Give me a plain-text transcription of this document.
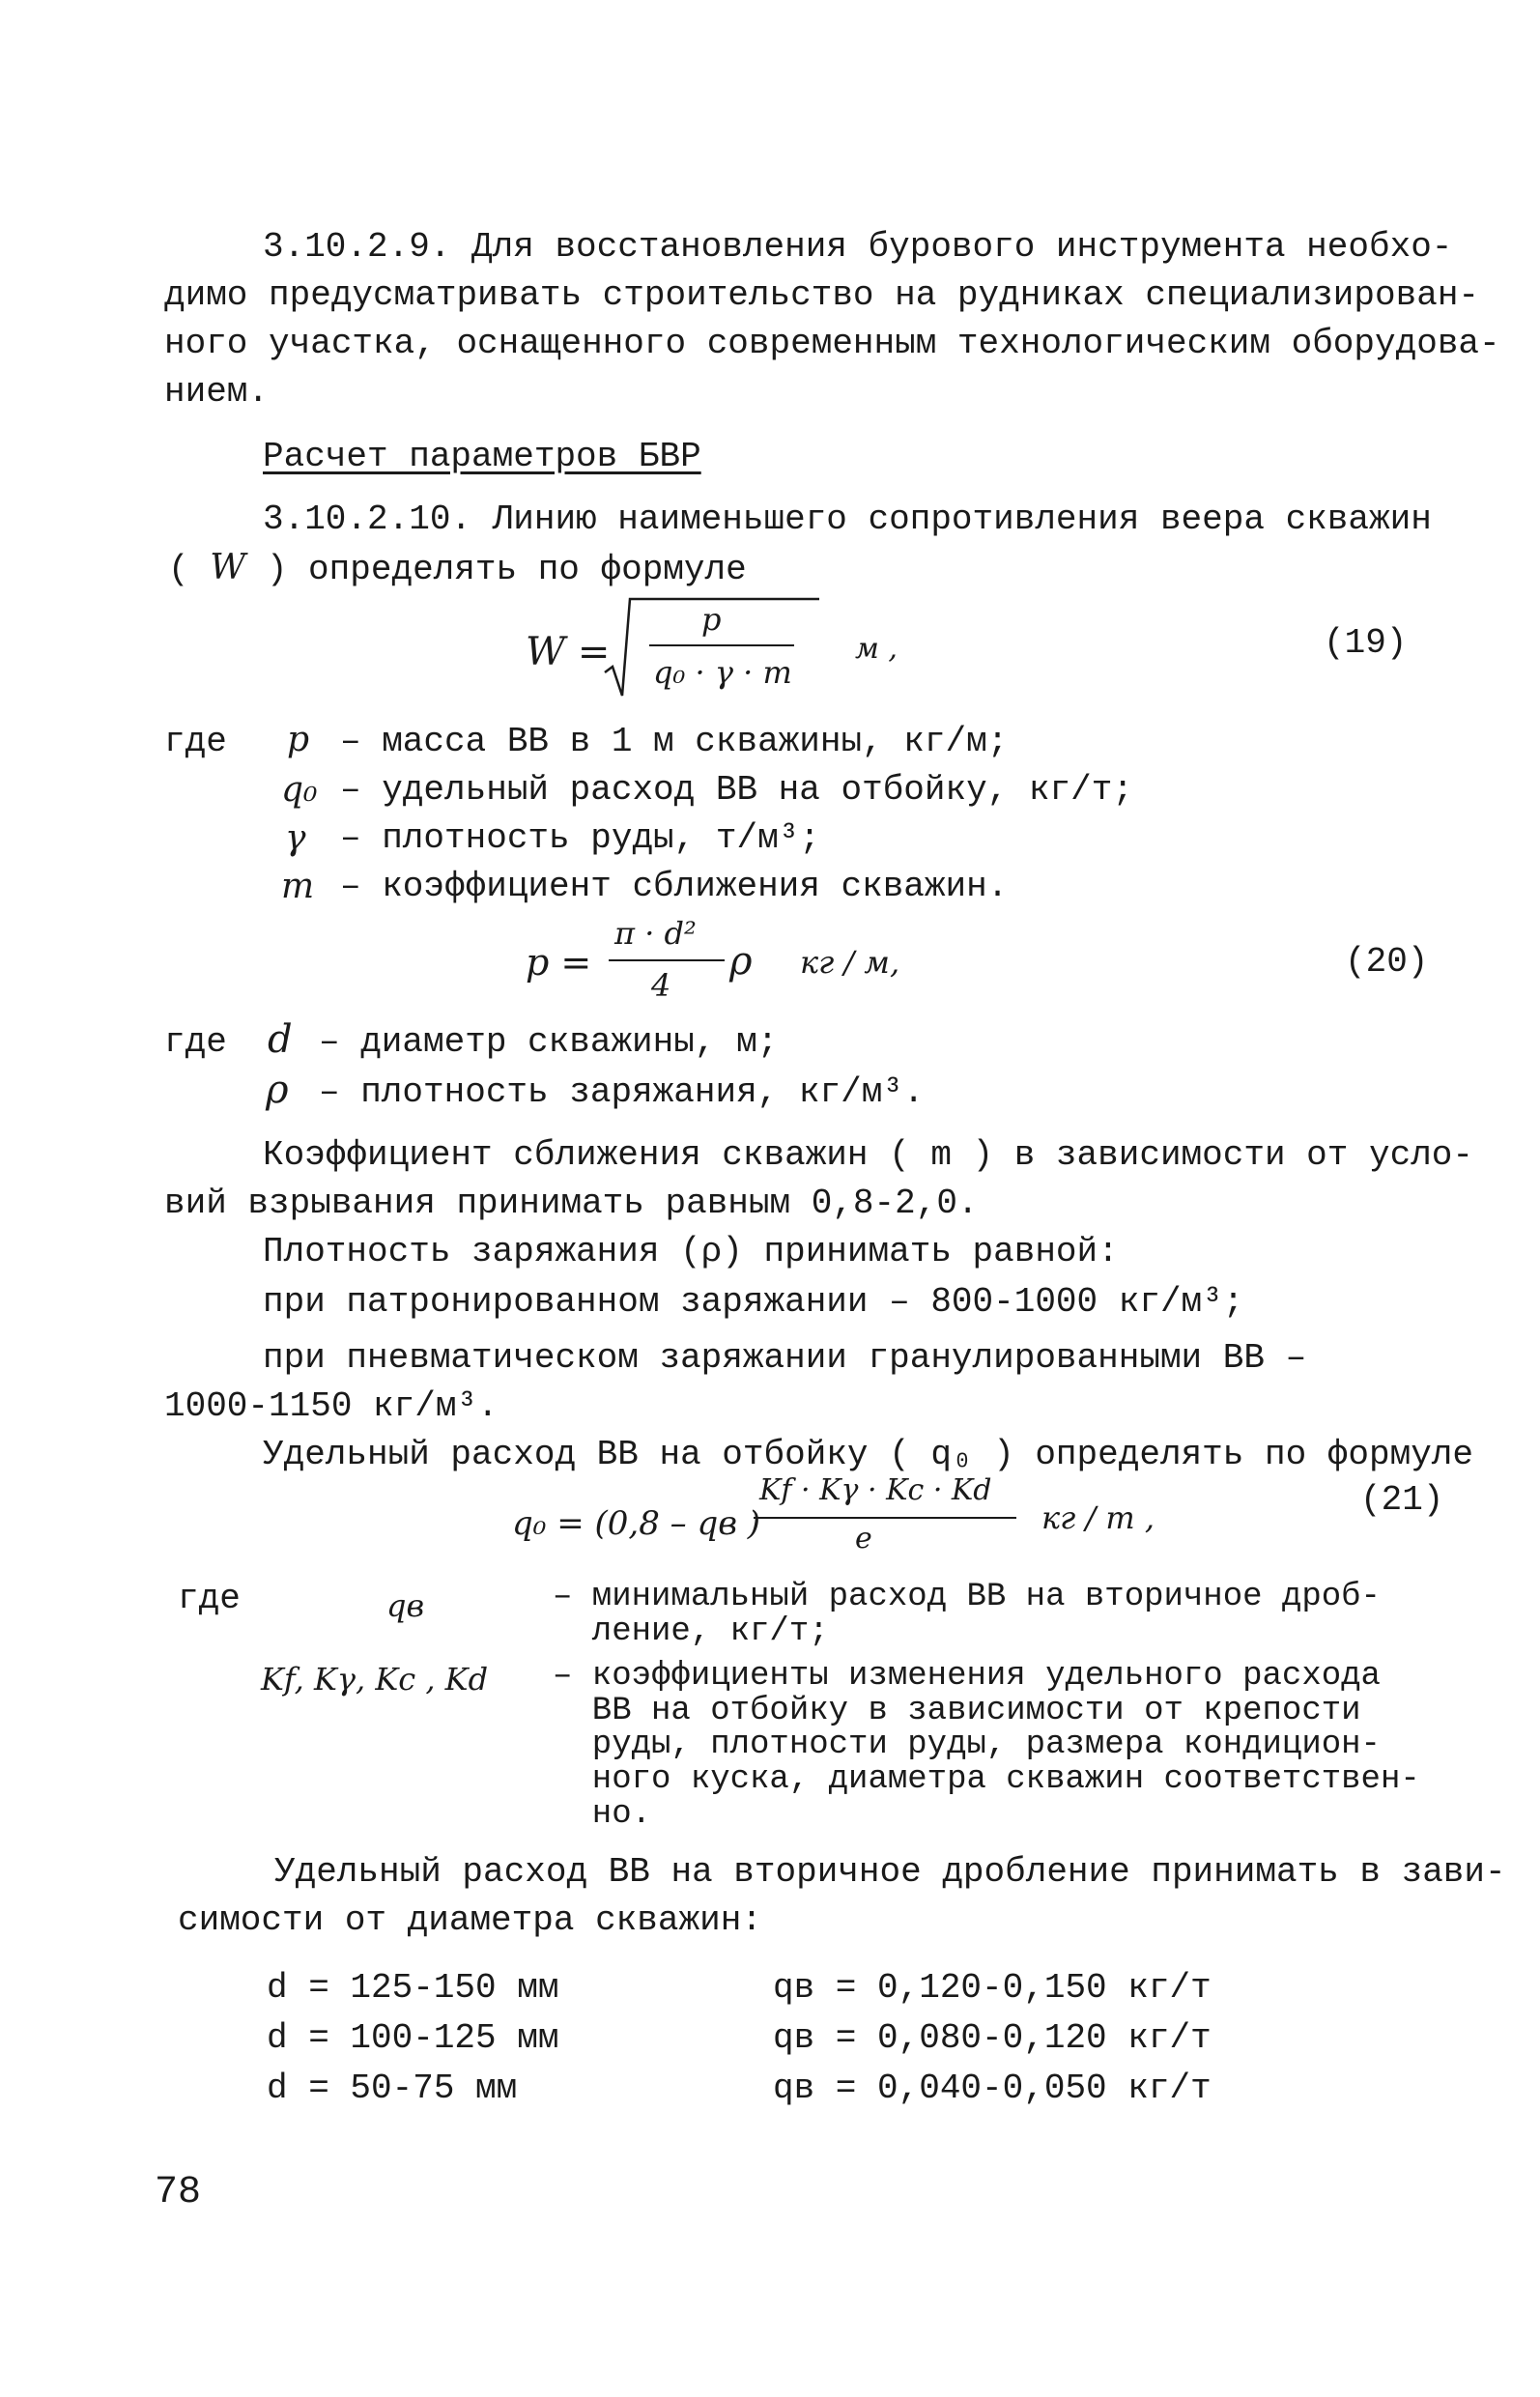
3.10.2.9. Для восстановления бурового инструмента необхо-
димо предусматривать строительство на рудниках специализирован-
ного участка, оснащенного современным технологическим оборудова-
нием.
Расчет параметров БВР
3.10.2.10. Линию наименьшего сопротивления веера скважин
( W ) определять по формуле
W =
p
q₀ · γ · m
м ,	(19)
где p – масса ВВ в 1 м скважины, кг/м;
q₀ – удельный расход ВВ на отбойку, кг/т;
γ – плотность руды, т/м³;
m – коэффициент сближения скважин.
p =
π · d²
4
ρ кг / м,	(20)
где d – диаметр скважины, м;
ρ – плотность заряжания, кг/м³.
Коэффициент сближения скважин ( m ) в зависимости от усло-
вий взрывания принимать равным 0,8-2,0.
Плотность заряжания (ρ) принимать равной:
при патронированном заряжании – 800-1000 кг/м³;
при пневматическом заряжании гранулированными ВВ –
1000-1150 кг/м³.
Удельный расход ВВ на отбойку ( q₀ ) определять по формуле
q₀ = (0,8 – qв )
Kf · Kγ · Kc · Kd
e
кг / т ,	(21)
где	qв	– минимальный расход ВВ на вторичное дроб-
ление, кг/т;
Kf, Kγ, Kc , Kd – коэффициенты изменения удельного расхода
ВВ на отбойку в зависимости от крепости
руды, плотности руды, размера кондицион-
ного куска, диаметра скважин соответствен-
но.
Удельный расход ВВ на вторичное дробление принимать в зави-
симости от диаметра скважин:
d = 125-150 мм	qв = 0,120-0,150 кг/т
d = 100-125 мм	qв = 0,080-0,120 кг/т
d = 50-75 мм	qв = 0,040-0,050 кг/т
78
